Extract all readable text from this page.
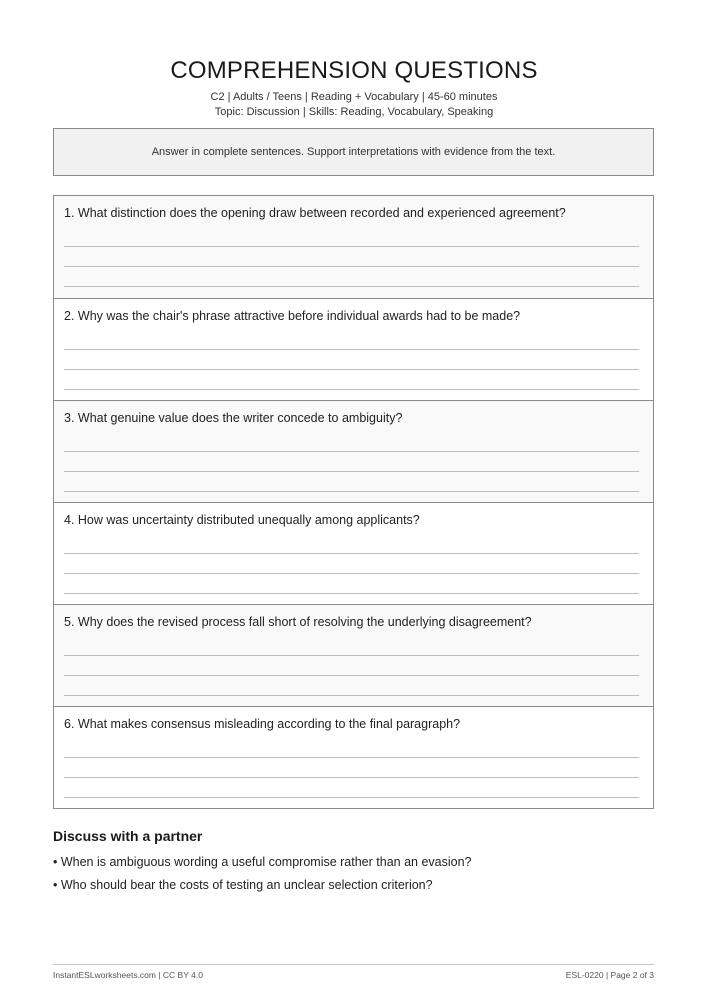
COMPREHENSION QUESTIONS
C2 | Adults / Teens | Reading + Vocabulary | 45-60 minutes
Topic: Discussion | Skills: Reading, Vocabulary, Speaking
Answer in complete sentences. Support interpretations with evidence from the text.
1. What distinction does the opening draw between recorded and experienced agreement?
2. Why was the chair's phrase attractive before individual awards had to be made?
3. What genuine value does the writer concede to ambiguity?
4. How was uncertainty distributed unequally among applicants?
5. Why does the revised process fall short of resolving the underlying disagreement?
6. What makes consensus misleading according to the final paragraph?
Discuss with a partner
• When is ambiguous wording a useful compromise rather than an evasion?
• Who should bear the costs of testing an unclear selection criterion?
InstantESLworksheets.com | CC BY 4.0	ESL-0220 | Page 2 of 3
